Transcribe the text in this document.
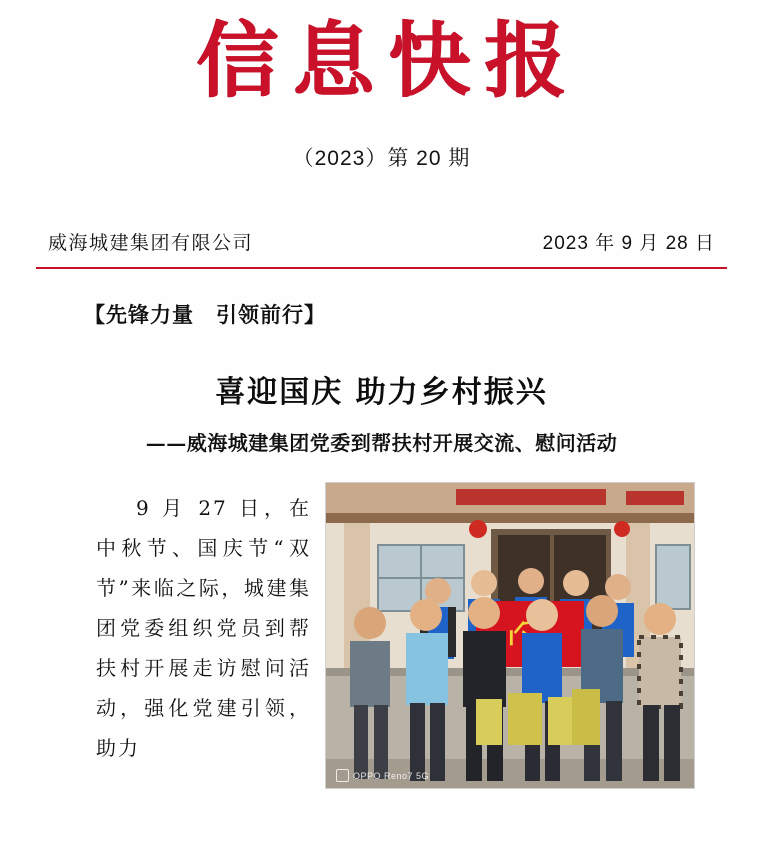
信息快报
（2023）第 20 期
威海城建集团有限公司	2023 年 9 月 28 日
【先锋力量　引领前行】
喜迎国庆 助力乡村振兴
——威海城建集团党委到帮扶村开展交流、慰问活动
9 月 27 日，在中秋节、国庆节“双节”来临之际，城建集团党委组织党员到帮扶村开展走访慰问活动，强化党建引领，助力
OPPO Reno7 5G
